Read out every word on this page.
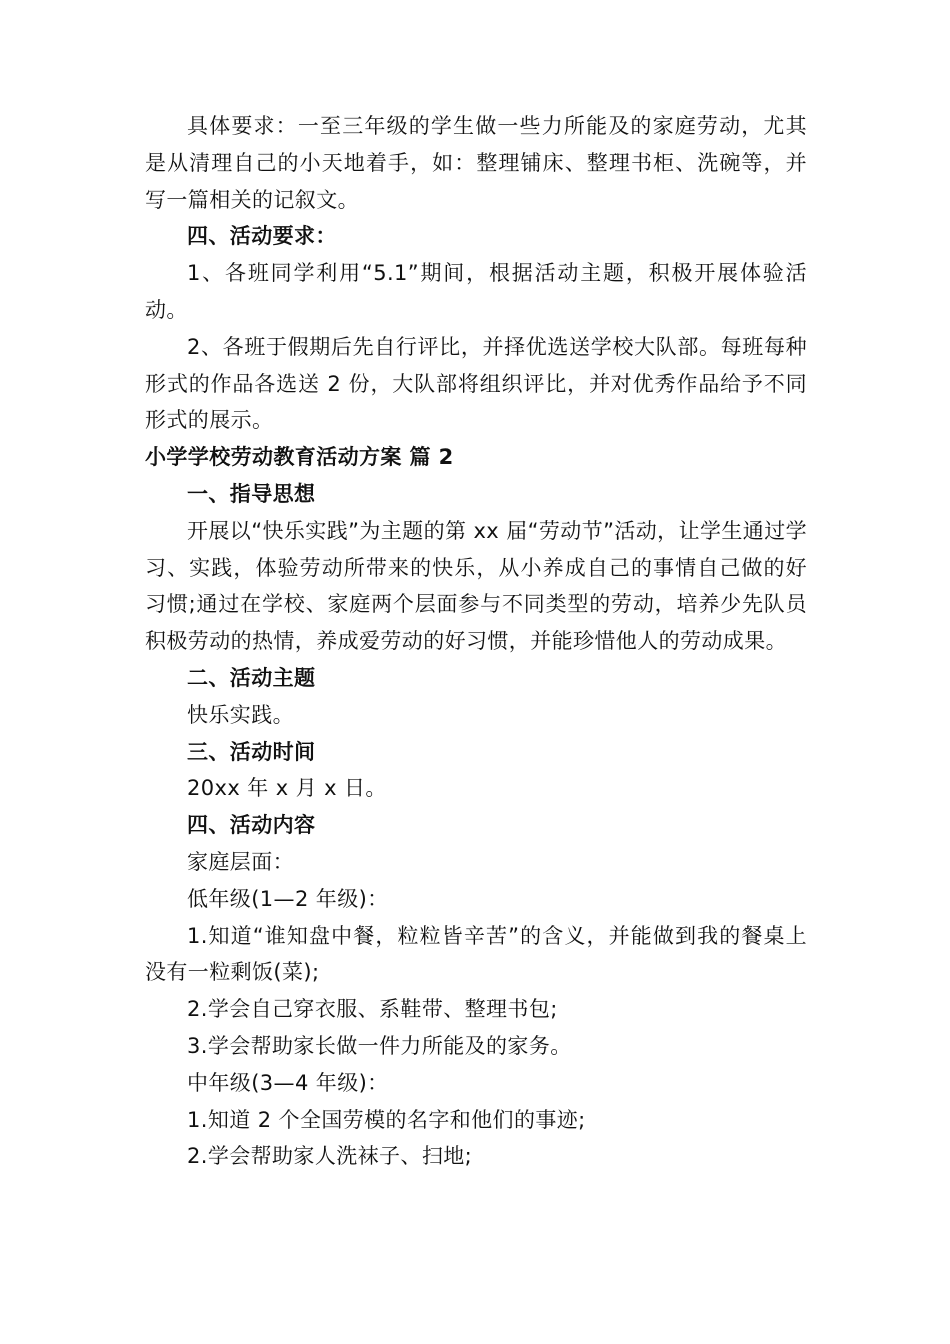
具体要求：一至三年级的学生做一些力所能及的家庭劳动，尤其是从清理自己的小天地着手，如：整理铺床、整理书柜、洗碗等，并写一篇相关的记叙文。

四、活动要求：

1、各班同学利用“5.1”期间，根据活动主题，积极开展体验活动。

2、各班于假期后先自行评比，并择优选送学校大队部。每班每种形式的作品各选送 2 份，大队部将组织评比，并对优秀作品给予不同形式的展示。

小学学校劳动教育活动方案 篇 2

一、指导思想

开展以“快乐实践”为主题的第 xx 届“劳动节”活动，让学生通过学习、实践，体验劳动所带来的快乐，从小养成自己的事情自己做的好习惯;通过在学校、家庭两个层面参与不同类型的劳动，培养少先队员积极劳动的热情，养成爱劳动的好习惯，并能珍惜他人的劳动成果。

二、活动主题

快乐实践。

三、活动时间

20xx 年 x 月 x 日。

四、活动内容

家庭层面：

低年级(1—2 年级)：

1.知道“谁知盘中餐，粒粒皆辛苦”的含义，并能做到我的餐桌上没有一粒剩饭(菜);

2.学会自己穿衣服、系鞋带、整理书包;

3.学会帮助家长做一件力所能及的家务。

中年级(3—4 年级)：

1.知道 2 个全国劳模的名字和他们的事迹;

2.学会帮助家人洗袜子、扫地;
